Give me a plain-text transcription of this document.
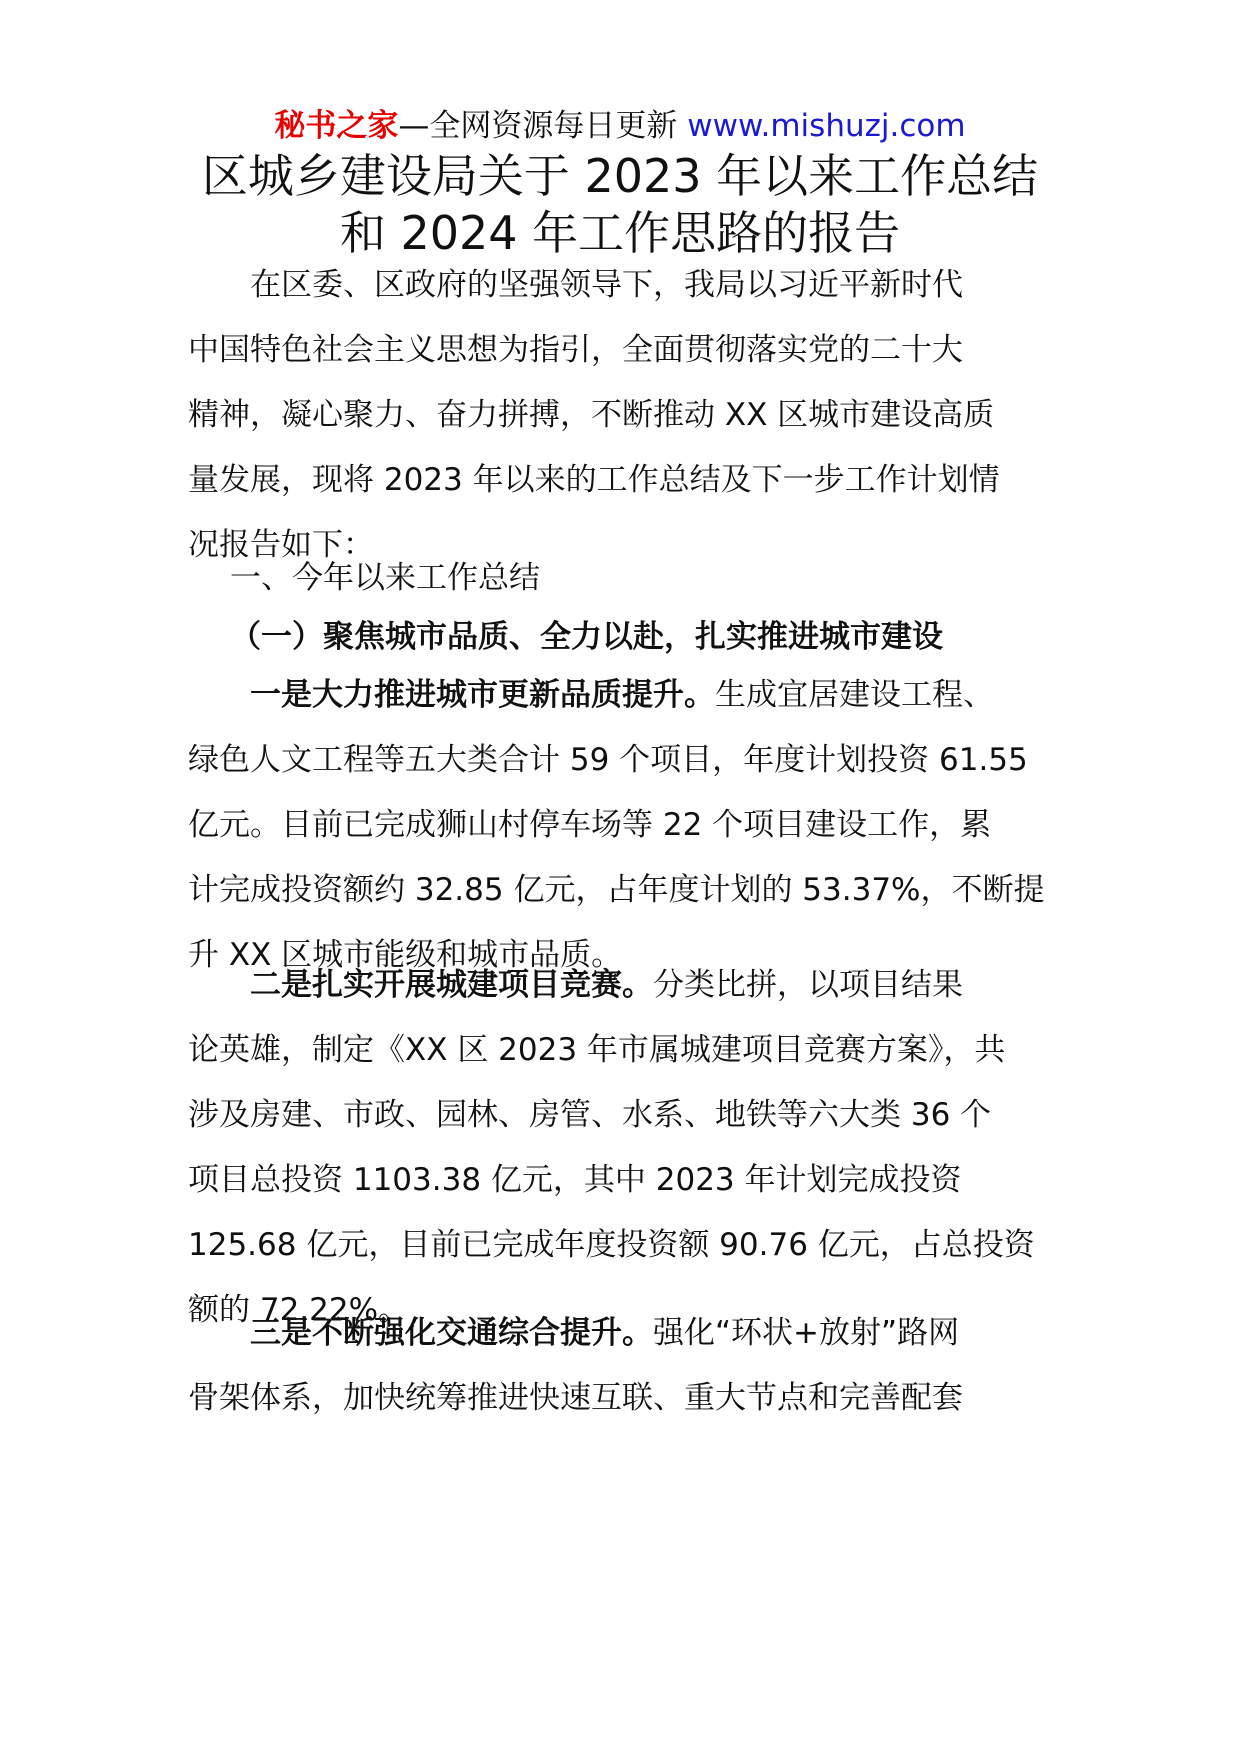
秘书之家—全网资源每日更新 www.mishuzj.com
区城乡建设局关于 2023 年以来工作总结
和 2024 年工作思路的报告
在区委、区政府的坚强领导下，我局以习近平新时代
中国特色社会主义思想为指引，全面贯彻落实党的二十大
精神，凝心聚力、奋力拼搏，不断推动 XX 区城市建设高质
量发展，现将 2023 年以来的工作总结及下一步工作计划情
况报告如下：
一、今年以来工作总结
（一）聚焦城市品质、全力以赴，扎实推进城市建设
一是大力推进城市更新品质提升。生成宜居建设工程、
绿色人文工程等五大类合计 59 个项目，年度计划投资 61.55
亿元。目前已完成狮山村停车场等 22 个项目建设工作，累
计完成投资额约 32.85 亿元，占年度计划的 53.37%，不断提
升 XX 区城市能级和城市品质。
二是扎实开展城建项目竞赛。分类比拼，以项目结果
论英雄，制定《XX 区 2023 年市属城建项目竞赛方案》，共
涉及房建、市政、园林、房管、水系、地铁等六大类 36 个
项目总投资 1103.38 亿元，其中 2023 年计划完成投资
125.68 亿元，目前已完成年度投资额 90.76 亿元，占总投资
额的 72.22%。
三是不断强化交通综合提升。强化“环状+放射”路网
骨架体系，加快统筹推进快速互联、重大节点和完善配套
